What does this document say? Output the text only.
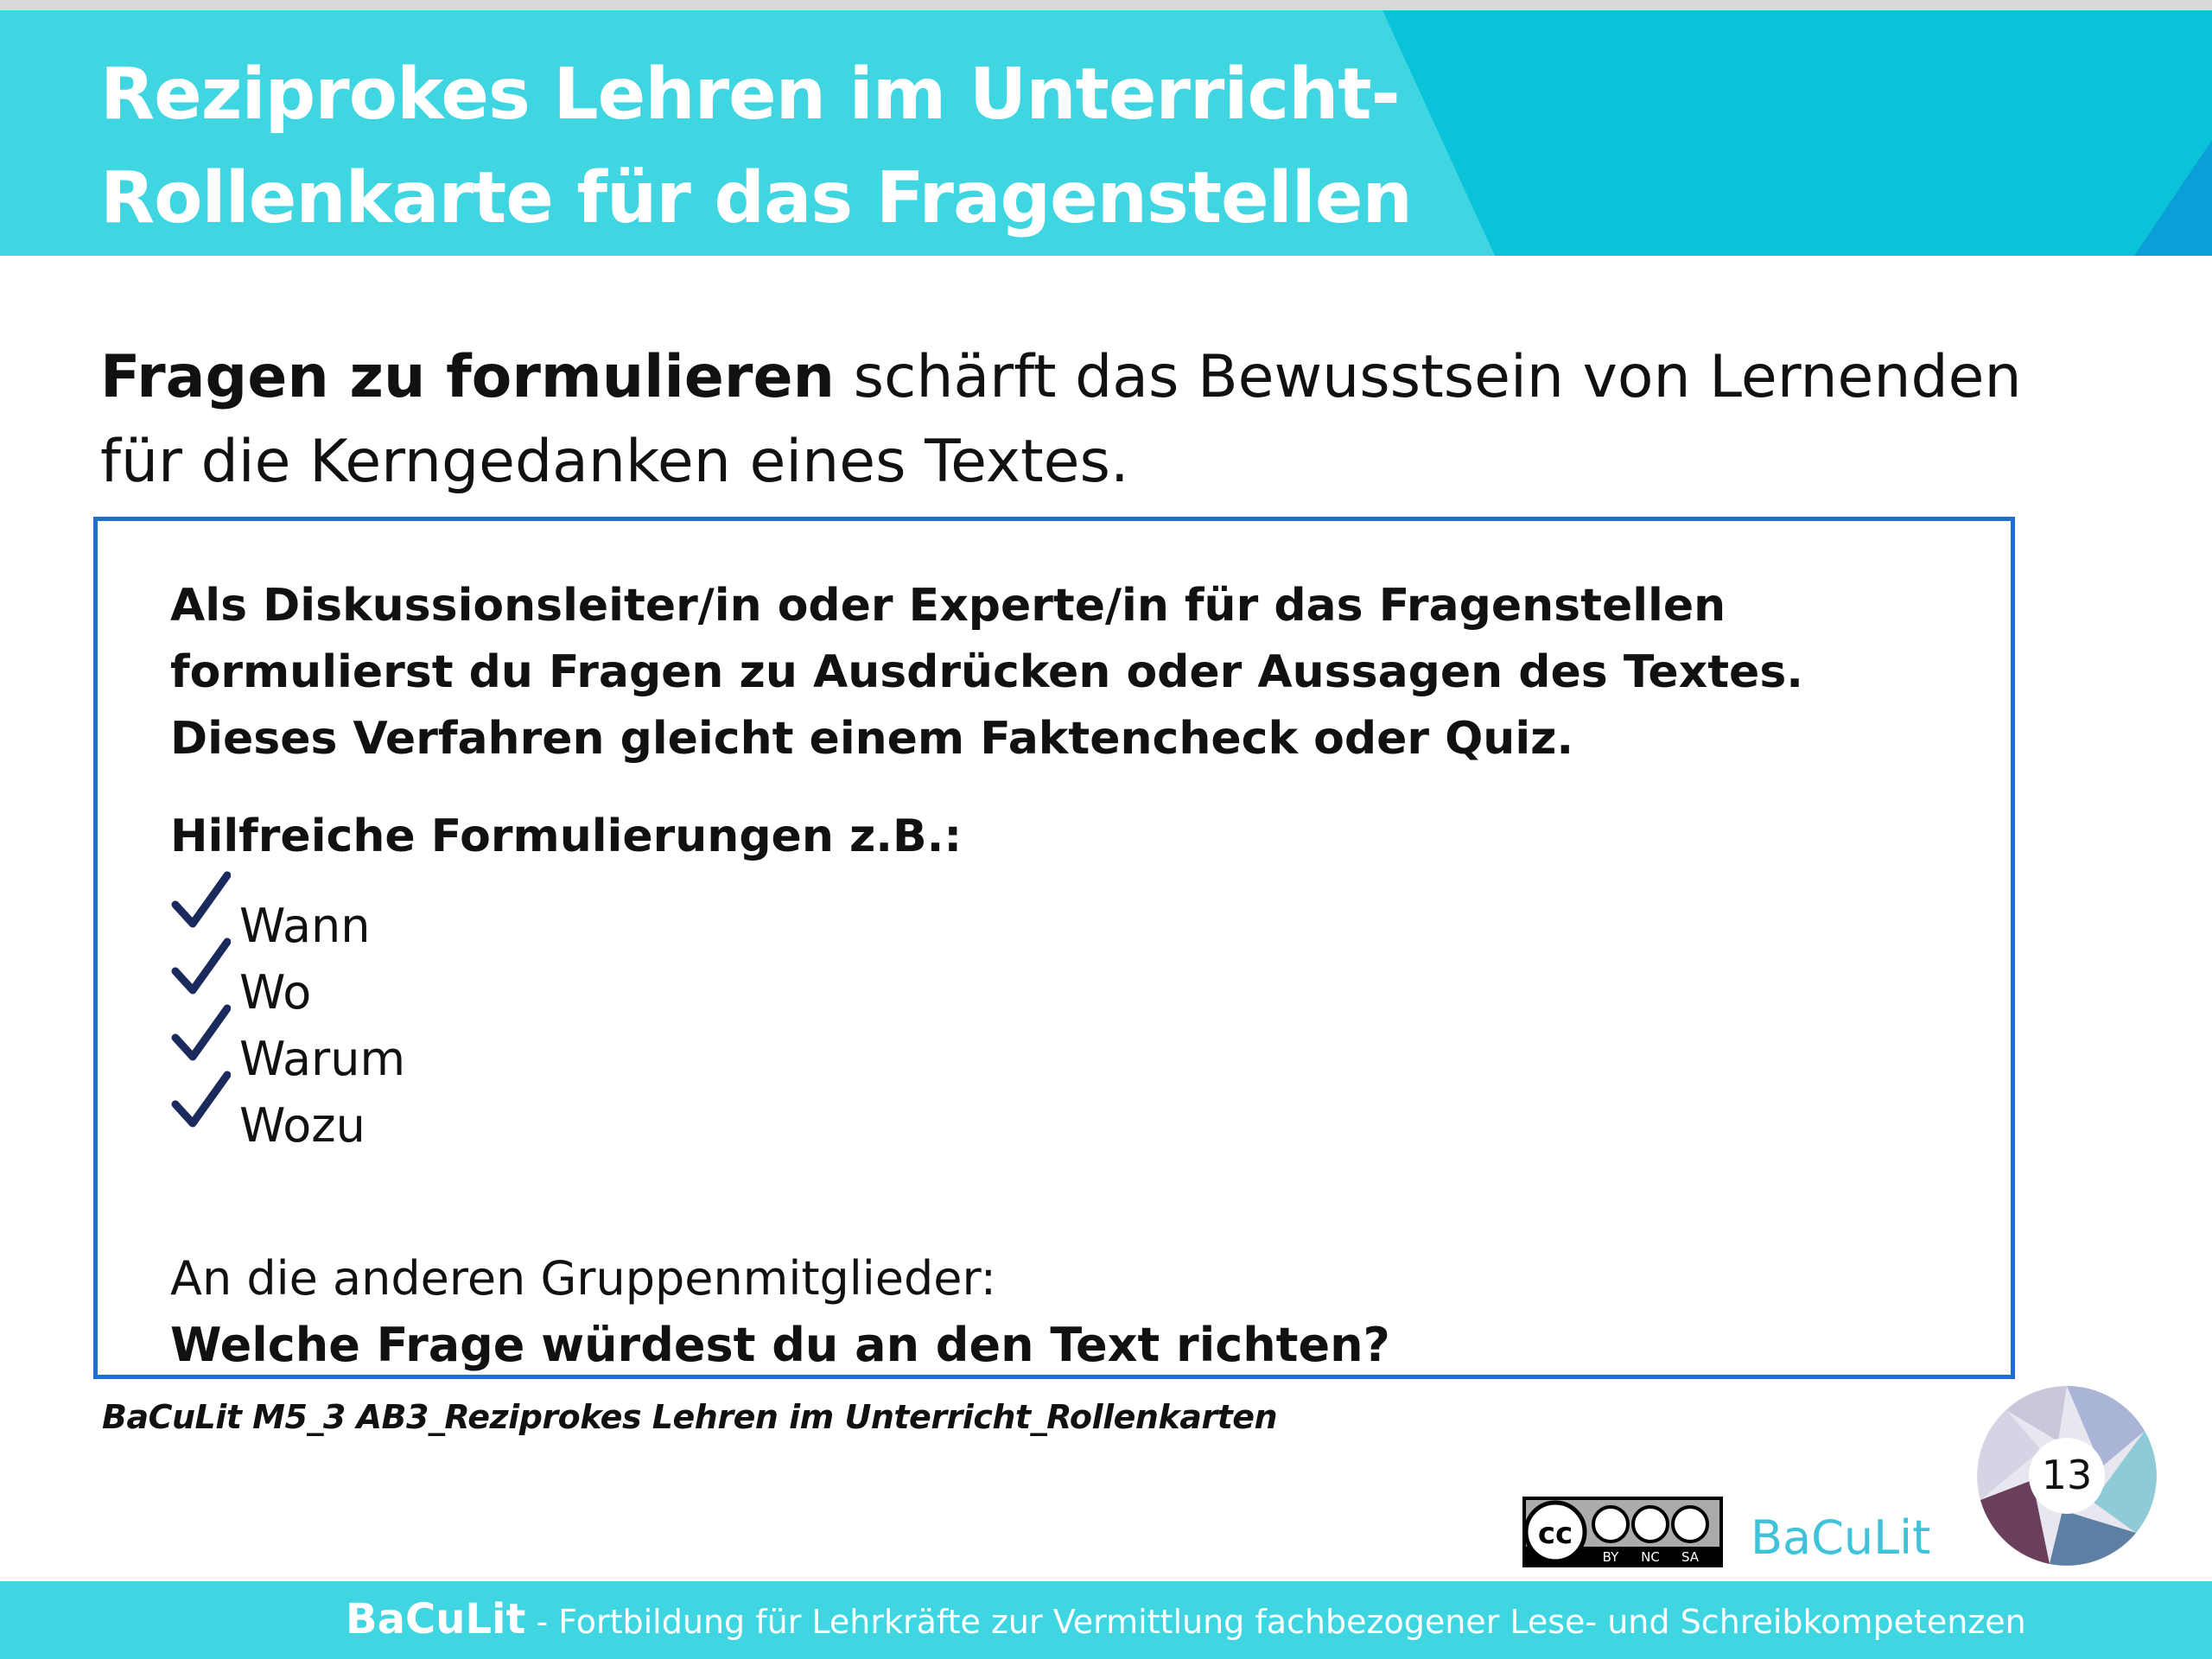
Reziprokes Lehren im Unterricht-
Rollenkarte für das Fragenstellen
Fragen zu formulieren schärft das Bewusstsein von Lernenden für die Kerngedanken eines Textes.
Als Diskussionsleiter/in oder Experte/in für das Fragenstellen formulierst du Fragen zu Ausdrücken oder Aussagen des Textes. Dieses Verfahren gleicht einem Faktencheck oder Quiz.
Hilfreiche Formulierungen z.B.:
Wann
Wo
Warum
Wozu
An die anderen Gruppenmitglieder:
Welche Frage würdest du an den Text richten?
BaCuLit M5_3 AB3_Reziprokes Lehren im Unterricht_Rollenkarten
cc
BY NC SA BaCuLit
13
BaCuLit - Fortbildung für Lehrkräfte zur Vermittlung fachbezogener Lese- und Schreibkompetenzen
